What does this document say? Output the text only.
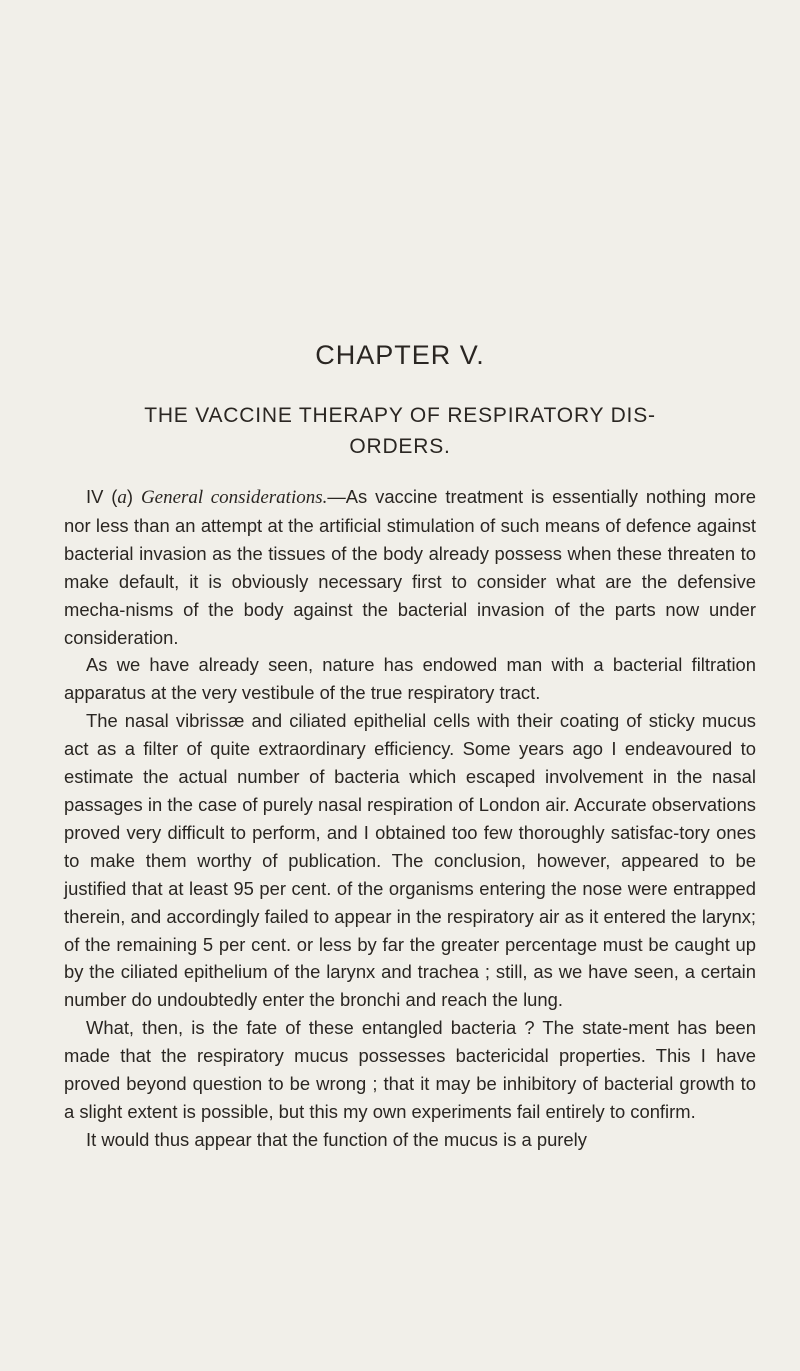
CHAPTER V.
THE VACCINE THERAPY OF RESPIRATORY DIS-ORDERS.

IV (a) General considerations.—As vaccine treatment is essentially nothing more nor less than an attempt at the artificial stimulation of such means of defence against bacterial invasion as the tissues of the body already possess when these threaten to make default, it is obviously necessary first to consider what are the defensive mecha-nisms of the body against the bacterial invasion of the parts now under consideration.

As we have already seen, nature has endowed man with a bacterial filtration apparatus at the very vestibule of the true respiratory tract.

The nasal vibrissæ and ciliated epithelial cells with their coating of sticky mucus act as a filter of quite extraordinary efficiency. Some years ago I endeavoured to estimate the actual number of bacteria which escaped involvement in the nasal passages in the case of purely nasal respiration of London air. Accurate observations proved very difficult to perform, and I obtained too few thoroughly satisfac-tory ones to make them worthy of publication. The conclusion, however, appeared to be justified that at least 95 per cent. of the organisms entering the nose were entrapped therein, and accordingly failed to appear in the respiratory air as it entered the larynx; of the remaining 5 per cent. or less by far the greater percentage must be caught up by the ciliated epithelium of the larynx and trachea ; still, as we have seen, a certain number do undoubtedly enter the bronchi and reach the lung.

What, then, is the fate of these entangled bacteria ? The state-ment has been made that the respiratory mucus possesses bactericidal properties. This I have proved beyond question to be wrong ; that it may be inhibitory of bacterial growth to a slight extent is possible, but this my own experiments fail entirely to confirm.

It would thus appear that the function of the mucus is a purely
